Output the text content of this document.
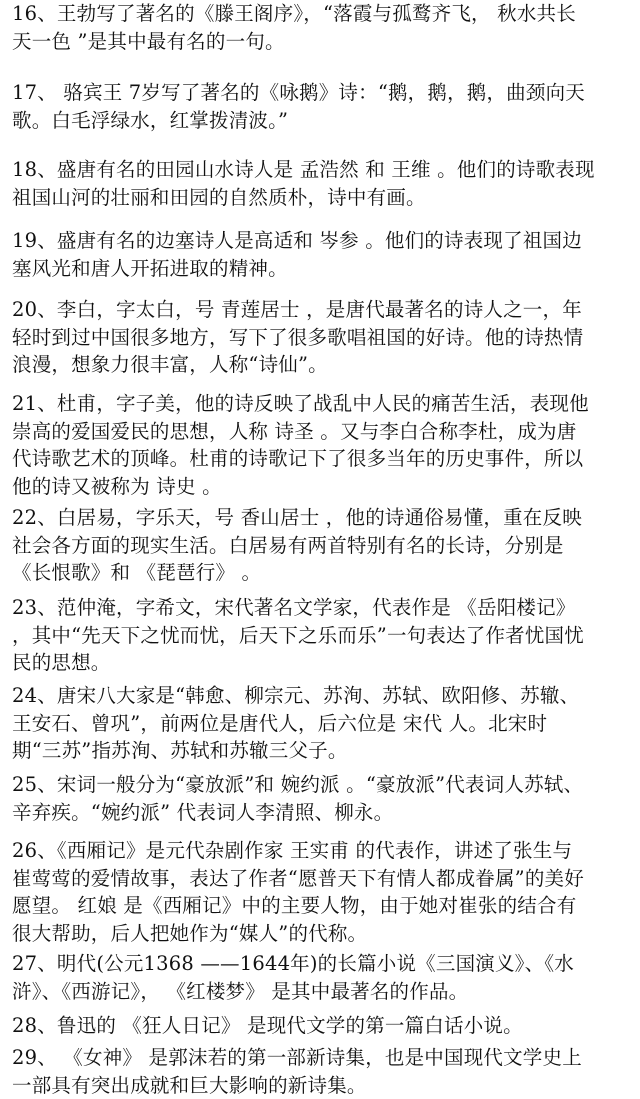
16、王勃写了著名的《滕王阁序》，“落霞与孤鹜齐飞， 秋水共长
天一色 ”是其中最有名的一句。

17、 骆宾王 7岁写了著名的《咏鹅》诗：“鹅，鹅，鹅，曲颈向天
歌。白毛浮绿水，红掌拨清波。”

18、盛唐有名的田园山水诗人是 孟浩然 和 王维 。他们的诗歌表现
祖国山河的壮丽和田园的自然质朴，诗中有画。

19、盛唐有名的边塞诗人是高适和 岑参 。他们的诗表现了祖国边
塞风光和唐人开拓进取的精神。

20、李白，字太白，号 青莲居士 ，是唐代最著名的诗人之一，年
轻时到过中国很多地方，写下了很多歌唱祖国的好诗。他的诗热情
浪漫，想象力很丰富，人称“诗仙”。

21、杜甫，字子美，他的诗反映了战乱中人民的痛苦生活，表现他
崇高的爱国爱民的思想，人称 诗圣 。又与李白合称李杜，成为唐
代诗歌艺术的顶峰。杜甫的诗歌记下了很多当年的历史事件，所以
他的诗又被称为 诗史 。

22、白居易，字乐天，号 香山居士 ，他的诗通俗易懂，重在反映
社会各方面的现实生活。白居易有两首特别有名的长诗，分别是
《长恨歌》和 《琵琶行》 。

23、范仲淹，字希文，宋代著名文学家，代表作是 《岳阳楼记》
，其中“先天下之忧而忧，后天下之乐而乐”一句表达了作者忧国忧
民的思想。

24、唐宋八大家是“韩愈、柳宗元、苏洵、苏轼、欧阳修、苏辙、
王安石、曾巩”，前两位是唐代人，后六位是 宋代 人。北宋时
期“三苏”指苏洵、苏轼和苏辙三父子。

25、宋词一般分为“豪放派”和 婉约派 。“豪放派”代表词人苏轼、
辛弃疾。“婉约派” 代表词人李清照、柳永。

26、《西厢记》是元代杂剧作家 王实甫 的代表作，讲述了张生与
崔莺莺的爱情故事，表达了作者“愿普天下有情人都成眷属”的美好
愿望。 红娘 是《西厢记》中的主要人物，由于她对崔张的结合有
很大帮助，后人把她作为“媒人”的代称。

27、明代(公元1368 ——1644年)的长篇小说《三国演义》、《水
浒》、《西游记》， 《红楼梦》 是其中最著名的作品。

28、鲁迅的 《狂人日记》 是现代文学的第一篇白话小说。

29、 《女神》 是郭沫若的第一部新诗集，也是中国现代文学史上
一部具有突出成就和巨大影响的新诗集。
